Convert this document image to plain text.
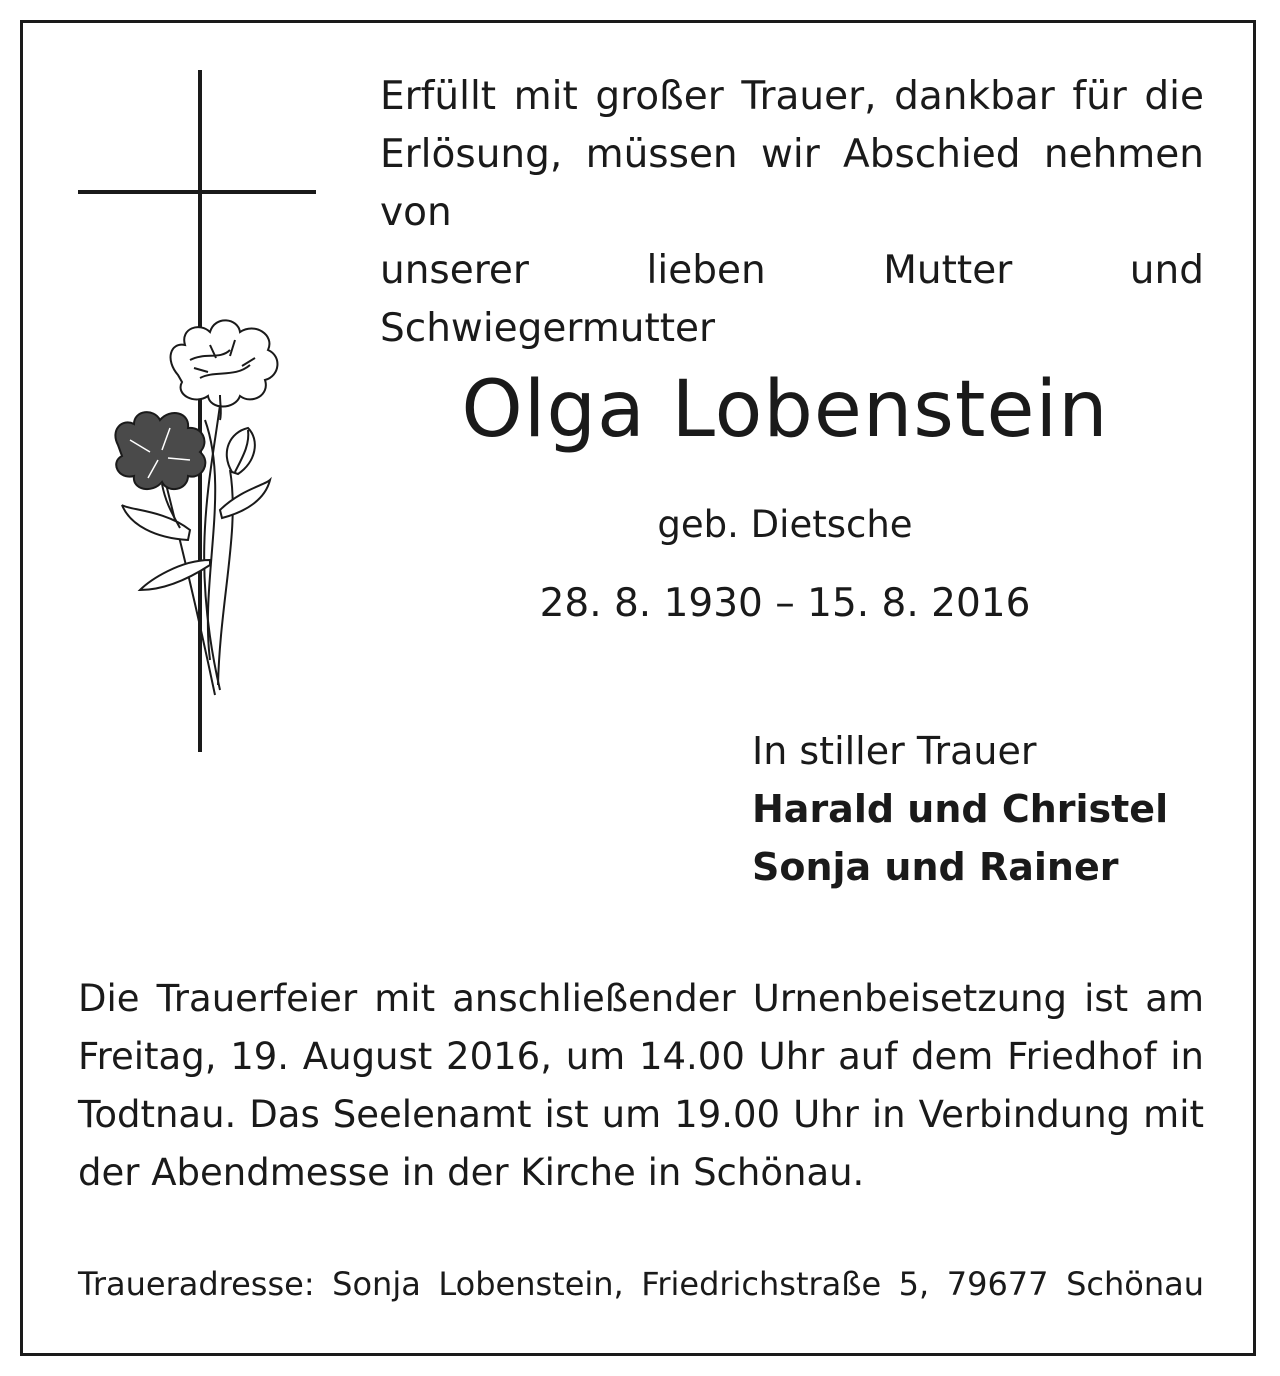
Erfüllt mit großer Trauer, dankbar für die
Erlösung, müssen wir Abschied nehmen von
unserer lieben Mutter und Schwiegermutter
Olga Lobenstein

geb. Dietsche

28. 8. 1930 – 15. 8. 2016

In stiller Trauer
Harald und Christel
Sonja und Rainer

Die Trauerfeier mit anschließender Urnenbeisetzung ist am Freitag, 19. August 2016, um 14.00 Uhr auf dem Friedhof in Todtnau. Das Seelenamt ist um 19.00 Uhr in Verbindung mit der Abendmesse in der Kirche in Schönau.

Traueradresse: Sonja Lobenstein, Friedrichstraße 5, 79677 Schönau
